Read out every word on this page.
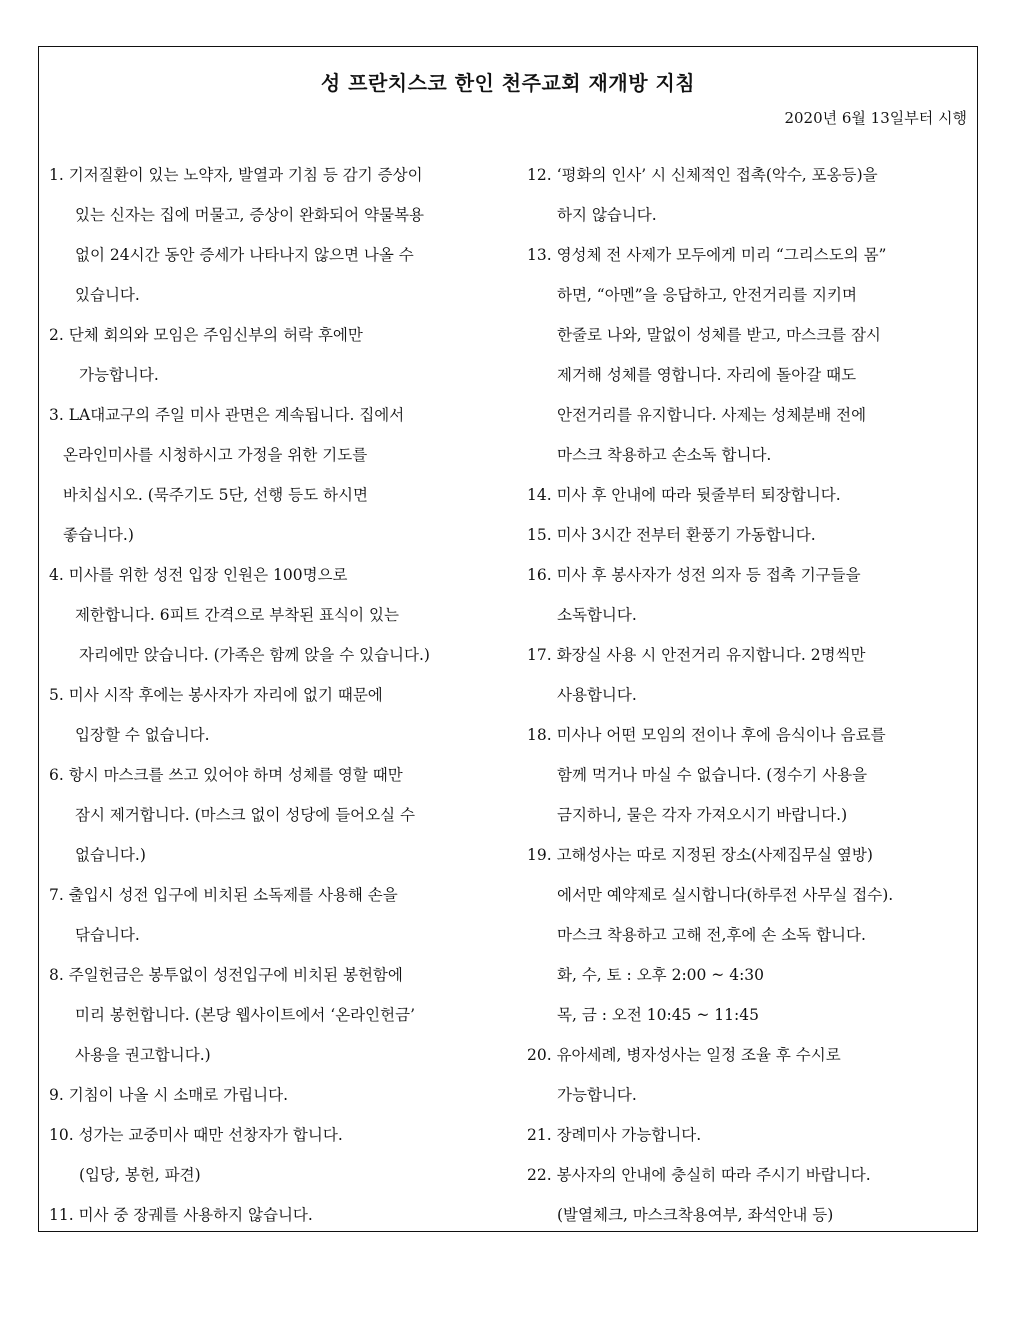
성 프란치스코 한인 천주교회 재개방 지침
2020년 6월 13일부터 시행
1. 기저질환이 있는 노약자, 발열과 기침 등 감기 증상이
있는 신자는 집에 머물고, 증상이 완화되어 약물복용
없이 24시간 동안 증세가 나타나지 않으면 나올 수
있습니다.
2. 단체 회의와 모임은 주임신부의 허락 후에만
가능합니다.
3. LA대교구의 주일 미사 관면은 계속됩니다. 집에서
온라인미사를 시청하시고 가정을 위한 기도를
바치십시오. (묵주기도 5단, 선행 등도 하시면
좋습니다.)
4. 미사를 위한 성전 입장 인원은 100명으로
제한합니다. 6피트 간격으로 부착된 표식이 있는
자리에만 앉습니다. (가족은 함께 앉을 수 있습니다.)
5. 미사 시작 후에는 봉사자가 자리에 없기 때문에
입장할 수 없습니다.
6. 항시 마스크를 쓰고 있어야 하며 성체를 영할 때만
잠시 제거합니다. (마스크 없이 성당에 들어오실 수
없습니다.)
7. 출입시 성전 입구에 비치된 소독제를 사용해 손을
닦습니다.
8. 주일헌금은 봉투없이 성전입구에 비치된 봉헌함에
미리 봉헌합니다. (본당 웹사이트에서 ‘온라인헌금’
사용을 권고합니다.)
9. 기침이 나올 시 소매로 가립니다.
10. 성가는 교중미사 때만 선창자가 합니다.
(입당, 봉헌, 파견)
11. 미사 중 장궤를 사용하지 않습니다.
12. ‘평화의 인사’ 시 신체적인 접촉(악수, 포옹등)을
하지 않습니다.
13. 영성체 전 사제가 모두에게 미리 “그리스도의 몸”
하면, “아멘”을 응답하고, 안전거리를 지키며
한줄로 나와, 말없이 성체를 받고, 마스크를 잠시
제거해 성체를 영합니다. 자리에 돌아갈 때도
안전거리를 유지합니다. 사제는 성체분배 전에
마스크 착용하고 손소독 합니다.
14. 미사 후 안내에 따라 뒷줄부터 퇴장합니다.
15. 미사 3시간 전부터 환풍기 가동합니다.
16. 미사 후 봉사자가 성전 의자 등 접촉 기구들을
소독합니다.
17. 화장실 사용 시 안전거리 유지합니다. 2명씩만
사용합니다.
18. 미사나 어떤 모임의 전이나 후에 음식이나 음료를
함께 먹거나 마실 수 없습니다. (정수기 사용을
금지하니, 물은 각자 가져오시기 바랍니다.)
19. 고해성사는 따로 지정된 장소(사제집무실 옆방)
에서만 예약제로 실시합니다(하루전 사무실 접수).
마스크 착용하고 고해 전,후에 손 소독 합니다.
화, 수, 토 : 오후 2:00 ~ 4:30
목, 금 : 오전 10:45 ~ 11:45
20. 유아세례, 병자성사는 일정 조율 후 수시로
가능합니다.
21. 장례미사 가능합니다.
22. 봉사자의 안내에 충실히 따라 주시기 바랍니다.
(발열체크, 마스크착용여부, 좌석안내 등)
